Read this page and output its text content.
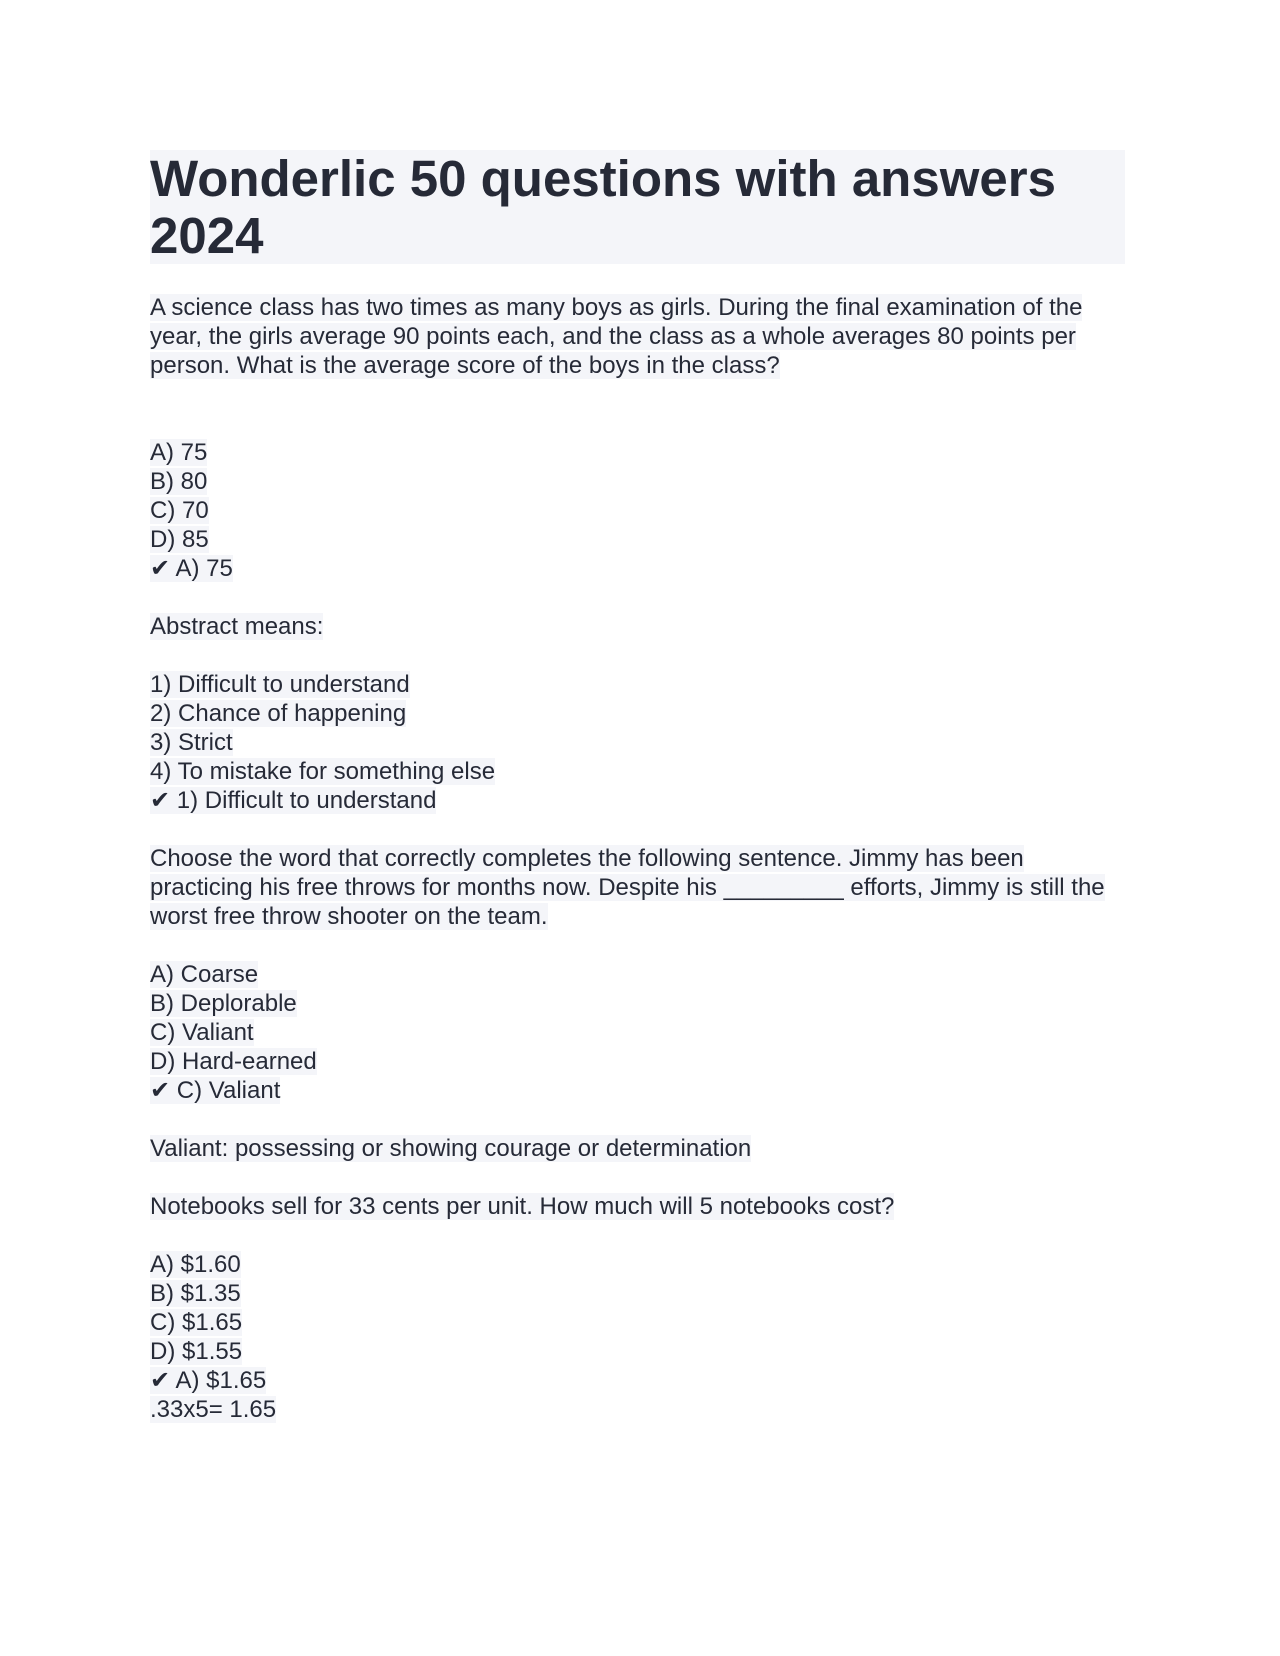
Wonderlic 50 questions with answers 2024
A science class has two times as many boys as girls. During the final examination of the year, the girls average 90 points each, and the class as a whole averages 80 points per person. What is the average score of the boys in the class?
A) 75
B) 80
C) 70
D) 85
✔ A) 75
Abstract means:
1) Difficult to understand
2) Chance of happening
3) Strict
4) To mistake for something else
✔ 1) Difficult to understand
Choose the word that correctly completes the following sentence. Jimmy has been practicing his free throws for months now. Despite his _________ efforts, Jimmy is still the worst free throw shooter on the team.
A) Coarse
B) Deplorable
C) Valiant
D) Hard-earned
✔ C) Valiant
Valiant: possessing or showing courage or determination
Notebooks sell for 33 cents per unit. How much will 5 notebooks cost?
A) $1.60
B) $1.35
C) $1.65
D) $1.55
✔ A) $1.65
.33x5= 1.65
